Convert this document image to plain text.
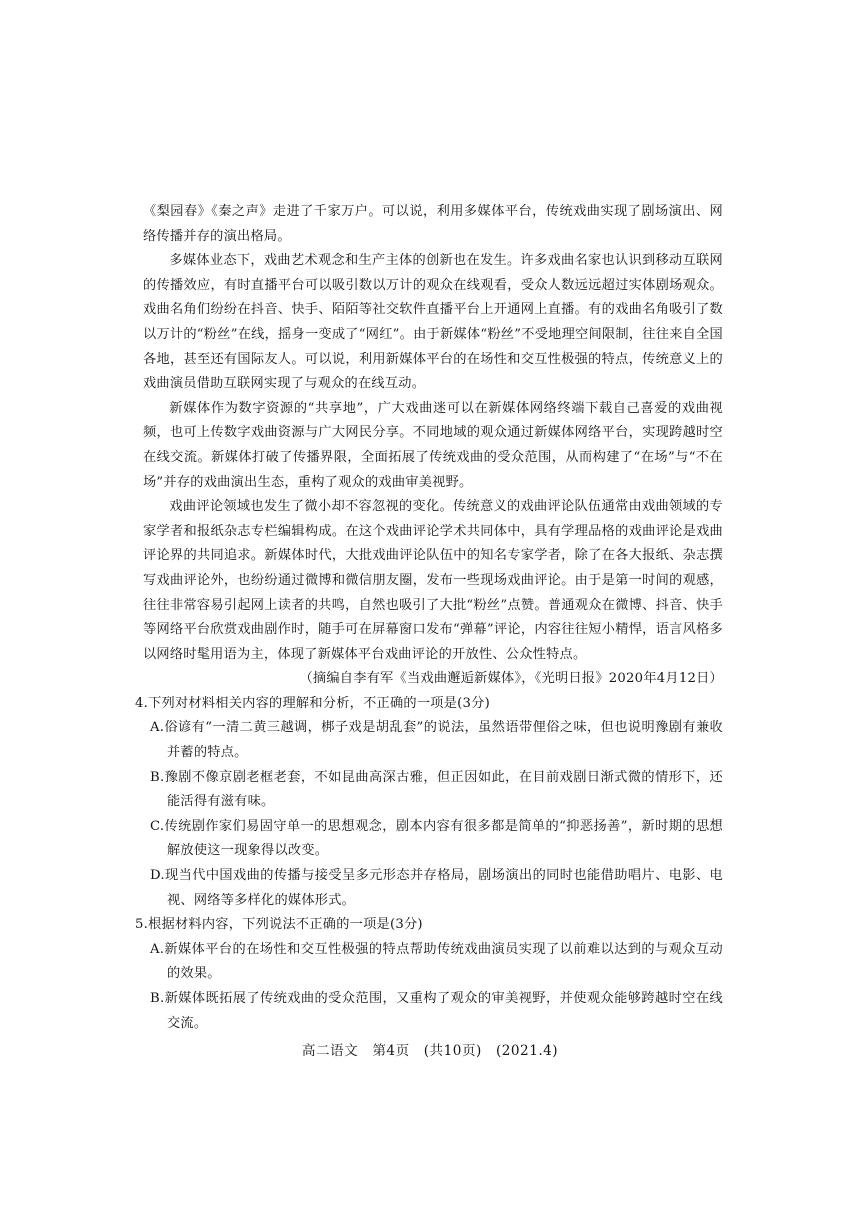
《梨园春》《秦之声》走进了千家万户。可以说，利用多媒体平台，传统戏曲实现了剧场演出、网络传播并存的演出格局。

多媒体业态下，戏曲艺术观念和生产主体的创新也在发生。许多戏曲名家也认识到移动互联网的传播效应，有时直播平台可以吸引数以万计的观众在线观看，受众人数远远超过实体剧场观众。戏曲名角们纷纷在抖音、快手、陌陌等社交软件直播平台上开通网上直播。有的戏曲名角吸引了数以万计的“粉丝”在线，摇身一变成了“网红”。由于新媒体“粉丝”不受地理空间限制，往往来自全国各地，甚至还有国际友人。可以说，利用新媒体平台的在场性和交互性极强的特点，传统意义上的戏曲演员借助互联网实现了与观众的在线互动。

新媒体作为数字资源的“共享地”，广大戏曲迷可以在新媒体网络终端下载自己喜爱的戏曲视频，也可上传数字戏曲资源与广大网民分享。不同地域的观众通过新媒体网络平台，实现跨越时空在线交流。新媒体打破了传播界限，全面拓展了传统戏曲的受众范围，从而构建了“在场”与“不在场”并存的戏曲演出生态，重构了观众的戏曲审美视野。

戏曲评论领域也发生了微小却不容忽视的变化。传统意义的戏曲评论队伍通常由戏曲领域的专家学者和报纸杂志专栏编辑构成。在这个戏曲评论学术共同体中，具有学理品格的戏曲评论是戏曲评论界的共同追求。新媒体时代，大批戏曲评论队伍中的知名专家学者，除了在各大报纸、杂志撰写戏曲评论外，也纷纷通过微博和微信朋友圈，发布一些现场戏曲评论。由于是第一时间的观感，往往非常容易引起网上读者的共鸣，自然也吸引了大批“粉丝”点赞。普通观众在微博、抖音、快手等网络平台欣赏戏曲剧作时，随手可在屏幕窗口发布“弹幕”评论，内容往往短小精悍，语言风格多以网络时髦用语为主，体现了新媒体平台戏曲评论的开放性、公众性特点。

（摘编自李有军《当戏曲邂逅新媒体》，《光明日报》2020年4月12日）

4.下列对材料相关内容的理解和分析，不正确的一项是(3分)

A.俗谚有“一清二黄三越调，梆子戏是胡乱套”的说法，虽然语带俚俗之味，但也说明豫剧有兼收并蓄的特点。

B.豫剧不像京剧老框老套，不如昆曲高深古雅，但正因如此，在目前戏剧日渐式微的情形下，还能活得有滋有味。

C.传统剧作家们易固守单一的思想观念，剧本内容有很多都是简单的“抑恶扬善”，新时期的思想解放使这一现象得以改变。

D.现当代中国戏曲的传播与接受呈多元形态并存格局，剧场演出的同时也能借助唱片、电影、电视、网络等多样化的媒体形式。

5.根据材料内容，下列说法不正确的一项是(3分)

A.新媒体平台的在场性和交互性极强的特点帮助传统戏曲演员实现了以前难以达到的与观众互动的效果。

B.新媒体既拓展了传统戏曲的受众范围，又重构了观众的审美视野，并使观众能够跨越时空在线交流。

高二语文　第4页　(共10页)　(2021.4)
